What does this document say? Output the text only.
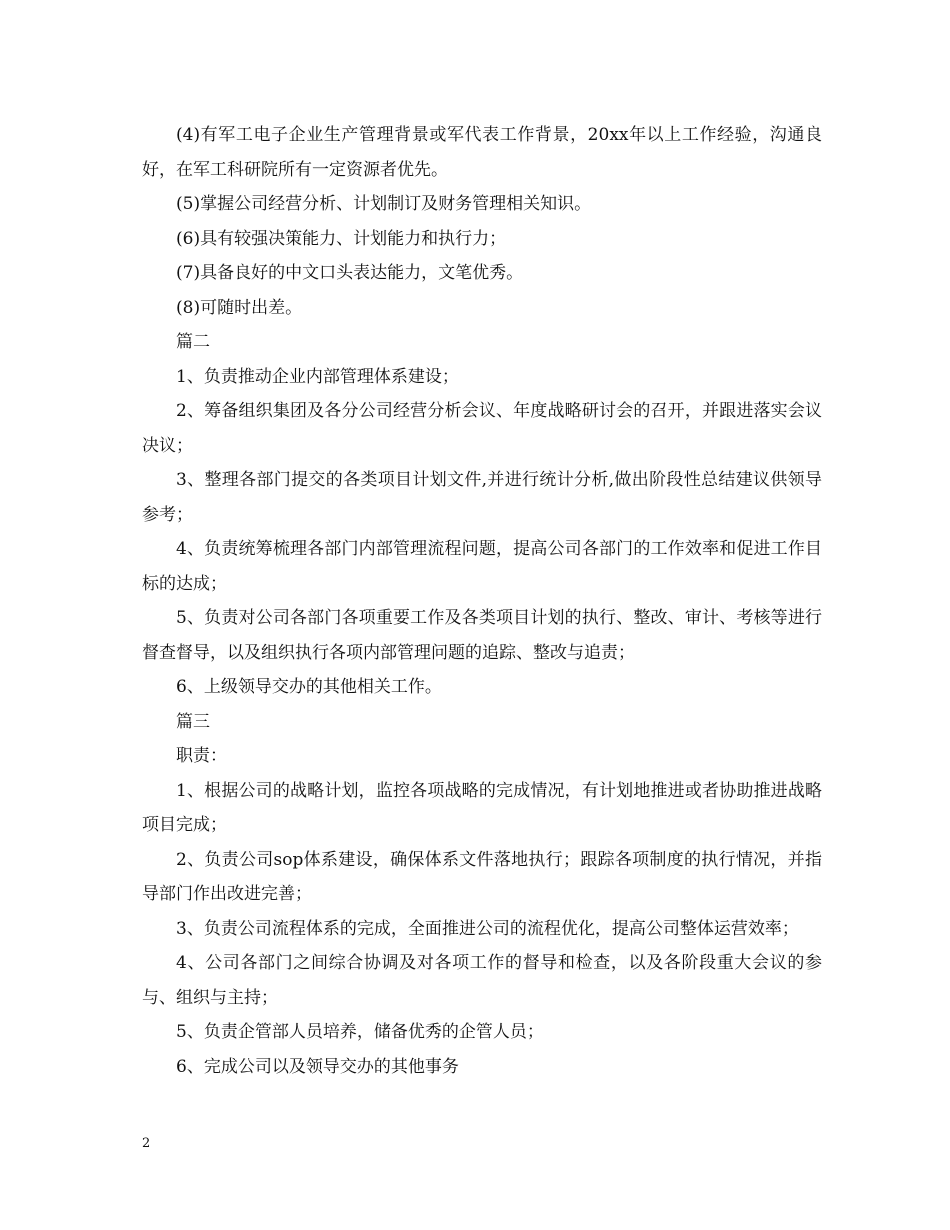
(4)有军工电子企业生产管理背景或军代表工作背景，20xx年以上工作经验，沟通良好，在军工科研院所有一定资源者优先。

(5)掌握公司经营分析、计划制订及财务管理相关知识。

(6)具有较强决策能力、计划能力和执行力；

(7)具备良好的中文口头表达能力，文笔优秀。

(8)可随时出差。

篇二

1、负责推动企业内部管理体系建设；

2、筹备组织集团及各分公司经营分析会议、年度战略研讨会的召开，并跟进落实会议决议；

3、整理各部门提交的各类项目计划文件,并进行统计分析,做出阶段性总结建议供领导参考；

4、负责统筹梳理各部门内部管理流程问题，提高公司各部门的工作效率和促进工作目标的达成；

5、负责对公司各部门各项重要工作及各类项目计划的执行、整改、审计、考核等进行督查督导，以及组织执行各项内部管理问题的追踪、整改与追责；

6、上级领导交办的其他相关工作。

篇三

职责：

1、根据公司的战略计划，监控各项战略的完成情况，有计划地推进或者协助推进战略项目完成；

2、负责公司sop体系建设，确保体系文件落地执行；跟踪各项制度的执行情况，并指导部门作出改进完善；

3、负责公司流程体系的完成，全面推进公司的流程优化，提高公司整体运营效率；

4、公司各部门之间综合协调及对各项工作的督导和检查，以及各阶段重大会议的参与、组织与主持；

5、负责企管部人员培养，储备优秀的企管人员；

6、完成公司以及领导交办的其他事务

2
